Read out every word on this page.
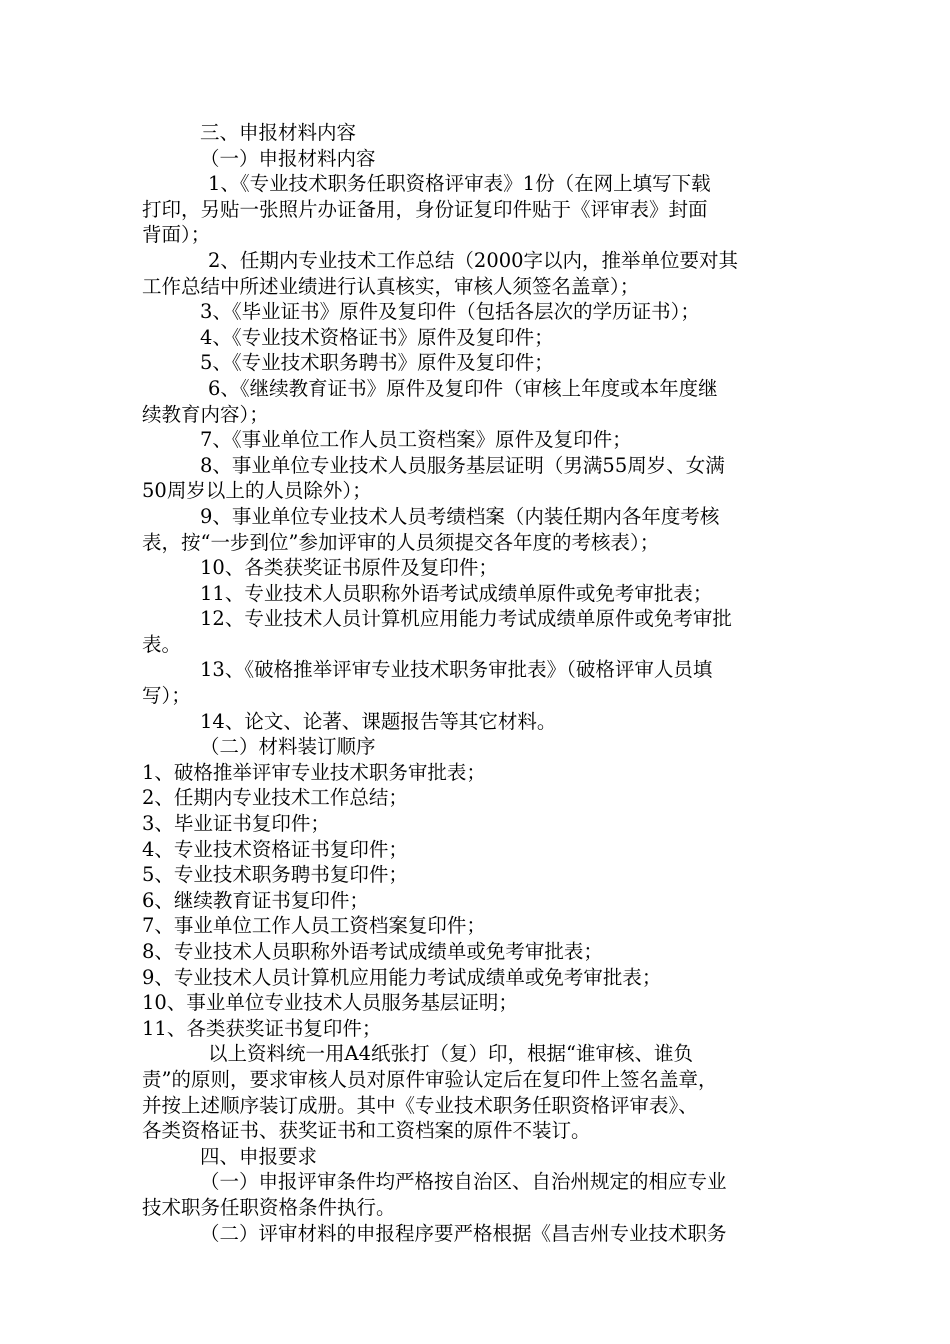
三、申报材料内容
（一）申报材料内容
1、《专业技术职务任职资格评审表》1份（在网上填写下载
打印，另贴一张照片办证备用，身份证复印件贴于《评审表》封面
背面）；
2、任期内专业技术工作总结（2000字以内，推举单位要对其
工作总结中所述业绩进行认真核实，审核人须签名盖章）；
3、《毕业证书》原件及复印件（包括各层次的学历证书）；
4、《专业技术资格证书》原件及复印件；
5、《专业技术职务聘书》原件及复印件；
6、《继续教育证书》原件及复印件（审核上年度或本年度继
续教育内容）；
7、《事业单位工作人员工资档案》原件及复印件；
8、事业单位专业技术人员服务基层证明（男满55周岁、女满
50周岁以上的人员除外）；
9、事业单位专业技术人员考绩档案（内装任期内各年度考核
表，按“一步到位”参加评审的人员须提交各年度的考核表）；
10、各类获奖证书原件及复印件；
11、专业技术人员职称外语考试成绩单原件或免考审批表；
12、专业技术人员计算机应用能力考试成绩单原件或免考审批
表。
13、《破格推举评审专业技术职务审批表》（破格评审人员填
写）；
14、论文、论著、课题报告等其它材料。
（二）材料装订顺序
1、破格推举评审专业技术职务审批表；
2、任期内专业技术工作总结；
3、毕业证书复印件；
4、专业技术资格证书复印件；
5、专业技术职务聘书复印件；
6、继续教育证书复印件；
7、事业单位工作人员工资档案复印件；
8、专业技术人员职称外语考试成绩单或免考审批表；
9、专业技术人员计算机应用能力考试成绩单或免考审批表；
10、事业单位专业技术人员服务基层证明；
11、各类获奖证书复印件；
以上资料统一用A4纸张打（复）印，根据“谁审核、谁负
责”的原则，要求审核人员对原件审验认定后在复印件上签名盖章，
并按上述顺序装订成册。其中《专业技术职务任职资格评审表》、
各类资格证书、获奖证书和工资档案的原件不装订。
四、申报要求
（一）申报评审条件均严格按自治区、自治州规定的相应专业
技术职务任职资格条件执行。
（二）评审材料的申报程序要严格根据《昌吉州专业技术职务
